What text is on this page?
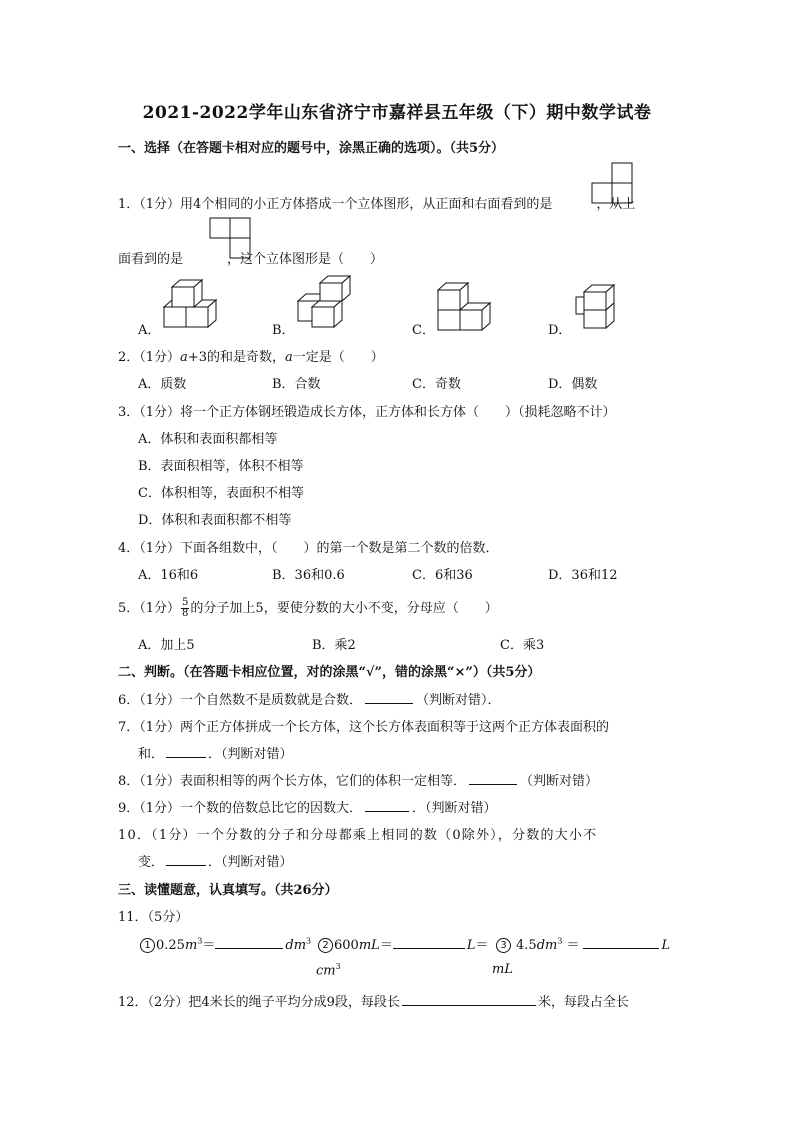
2021-2022学年山东省济宁市嘉祥县五年级（下）期中数学试卷
一、选择（在答题卡相对应的题号中，涂黑正确的选项）。（共5分）
1．（1分）用4个相同的小正方体搭成一个立体图形，从正面和右面看到的是	，从上
面看到的是	，这个立体图形是（　　）
A．	B．	C．	D．
2．（1分）a+3的和是奇数，a一定是（　　）
A．质数	B．合数	C．奇数	D．偶数
3．（1分）将一个正方体钢坯锻造成长方体，正方体和长方体（　　）（损耗忽略不计）
A．体积和表面积都相等
B．表面积相等，体积不相等
C．体积相等，表面积不相等
D．体积和表面积都不相等
4．（1分）下面各组数中，（　　）的第一个数是第二个数的倍数．
A．16和6	B．36和0.6	C．6和36	D．36和12
5．（1分） $\frac{5}{8}$ 的分子加上5，要使分数的大小不变，分母应（　　）
A．加上5	B．乘2	C．乘3
二、判断。（在答题卡相应位置，对的涂黑“√”，错的涂黑“×”）（共5分）
6．（1分）一个自然数不是质数就是合数．	（判断对错）．
7．（1分）两个正方体拼成一个长方体，这个长方体表面积等于这两个正方体表面积的
和．	．（判断对错）
8．（1分）表面积相等的两个长方体，它们的体积一定相等．	（判断对错）
9．（1分）一个数的倍数总比它的因数大．	．（判断对错）
10．（1分）一个分数的分子和分母都乘上相同的数（0除外），分数的大小不
变．	．（判断对错）
三、读懂题意，认真填写。（共26分）
11．（5分）
1 $0.25m^3=$	$dm^3$
$cm^3$
2 600mL＝	L＝
mL
3 $4.5dm^3$ ＝	L
12．（2分）把4米长的绳子平均分成9段，每段长	米，每段占全长
